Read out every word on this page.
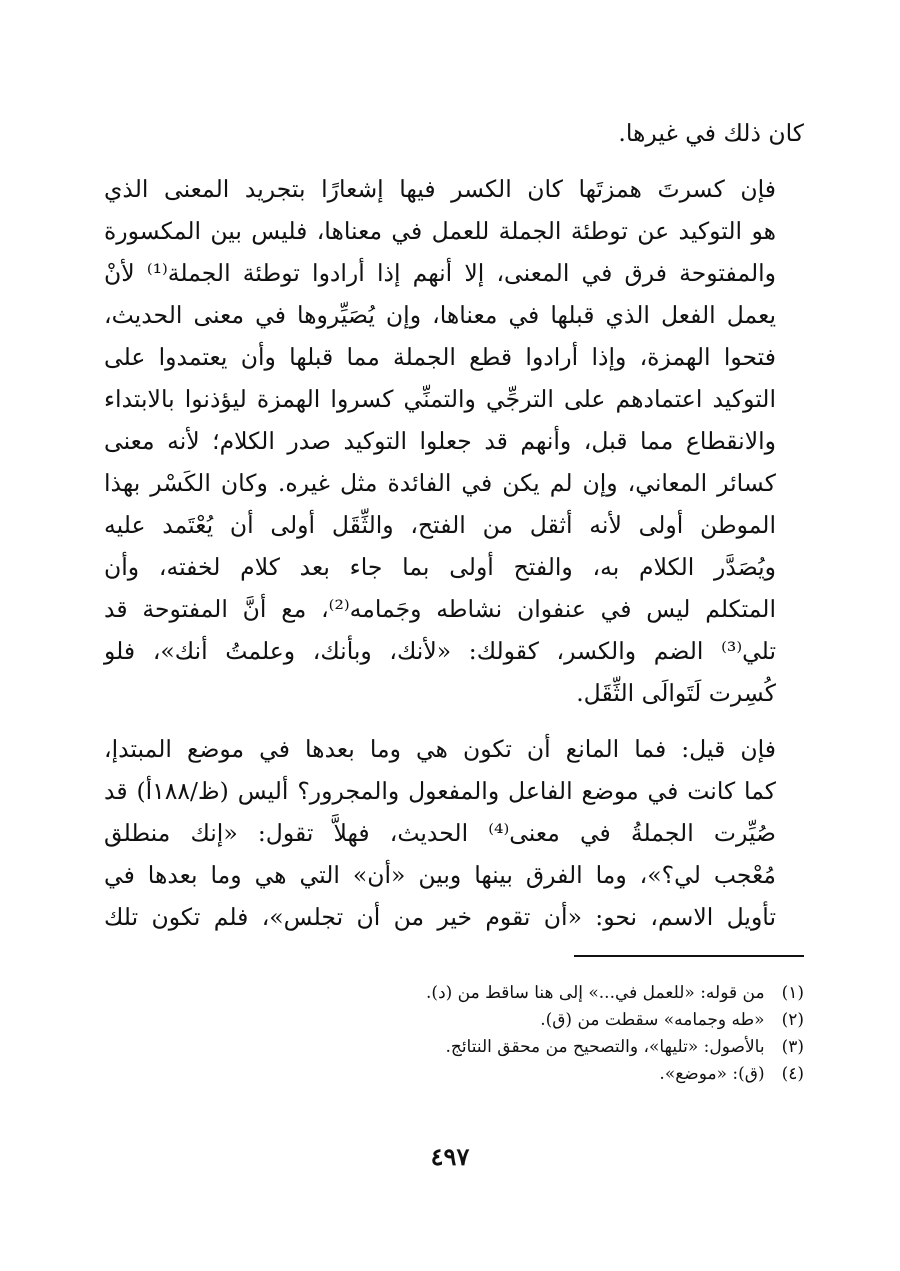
كان ذلك في غيرها.

فإن كسرتَ همزتَها كان الكسر فيها إشعارًا بتجريد المعنى الذي
هو التوكيد عن توطئة الجملة للعمل في معناها، فليس بين المكسورة
والمفتوحة فرق في المعنى، إلا أنهم إذا أرادوا توطئة الجملة⁽¹⁾ لأنْ
يعمل الفعل الذي قبلها في معناها، وإن يُصَيِّروها في معنى الحديث،
فتحوا الهمزة، وإذا أرادوا قطع الجملة مما قبلها وأن يعتمدوا على
التوكيد اعتمادهم على الترجِّي والتمنِّي كسروا الهمزة ليؤذنوا بالابتداء
والانقطاع مما قبل، وأنهم قد جعلوا التوكيد صدر الكلام؛ لأنه معنى
كسائر المعاني، وإن لم يكن في الفائدة مثل غيره. وكان الكَسْر بهذا
الموطن أولى لأنه أثقل من الفتح، والثِّقَل أولى أن يُعْتَمد عليه
ويُصَدَّر الكلام به، والفتح أولى بما جاء بعد كلام لخفته، وأن
المتكلم ليس في عنفوان نشاطه وجَمامه⁽²⁾، مع أنَّ المفتوحة قد
تلي⁽³⁾ الضم والكسر، كقولك: «لأنك، وبأنك، وعلمتُ أنك»، فلو
كُسِرت لَتَوالَى الثِّقَل.

فإن قيل: فما المانع أن تكون هي وما بعدها في موضع المبتدإ،
كما كانت في موضع الفاعل والمفعول والمجرور؟ أليس (ظ/١٨٨أ) قد
صُيِّرت الجملةُ في معنى⁽⁴⁾ الحديث، فهلاَّ تقول: «إنك منطلق
مُعْجب لي؟»، وما الفرق بينها وبين «أن» التي هي وما بعدها في
تأويل الاسم، نحو: «أن تقوم خير من أن تجلس»، فلم تكون تلك

(١) من قوله: «للعمل في...» إلى هنا ساقط من (د).
(٢) «طه وجمامه» سقطت من (ق).
(٣) بالأصول: «تليها»، والتصحيح من محقق النتائج.
(٤) (ق): «موضع».
٤٩٧
